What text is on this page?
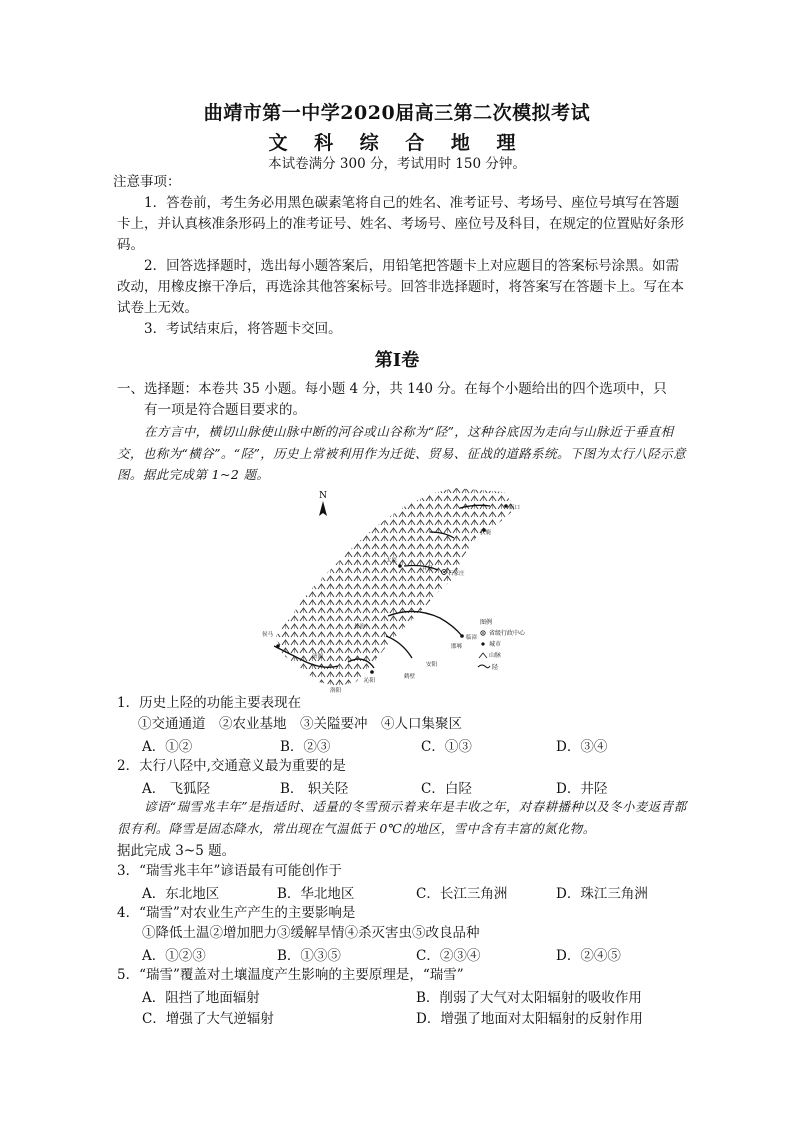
曲靖市第一中学2020届高三第二次模拟考试
文 科 综 合 地 理
本试卷满分 300 分，考试用时 150 分钟。

注意事项：

1．答卷前，考生务必用黑色碳素笔将自己的姓名、准考证号、考场号、座位号填写在答题卡上，并认真核准条形码上的准考证号、姓名、考场号、座位号及科目，在规定的位置贴好条形码。

2．回答选择题时，选出每小题答案后，用铅笔把答题卡上对应题目的答案标号涂黑。如需改动，用橡皮擦干净后，再选涂其他答案标号。回答非选择题时，将答案写在答题卡上。写在本试卷上无效。

3．考试结束后，将答题卡交回。

第Ⅰ卷
一、选择题：本卷共 35 小题。每小题 4 分，共 140 分。在每个小题给出的四个选项中，只
有一项是符合题目要求的。
在方言中，横切山脉使山脉中断的河谷或山谷称为“陉”，这种谷底因为走向与山脉近于垂直相交，也称为“横谷”。“陉”，历史上常被利用作为迁徙、贸易、征战的道路系统。下图为太行八陉示意图。据此完成第 1~2 题。
N
太原
石家庄
临漳
邯郸
安阳
鹤壁
南口
侯马
长治
沁阳
济源
洛阳
获鹿
井陉
图例
省级行政中心
城市
山脉
陉
1．历史上陉的功能主要表现在
①交通通道　②农业基地　③关隘要冲　④人口集聚区
A．①②	B．②③	C．①③	D．③④
2．太行八陉中,交通意义最为重要的是
A． 飞狐陉	B． 轵关陉	C．白陉	D．井陉
谚语“瑞雪兆丰年”是指适时、适量的冬雪预示着来年是丰收之年，对春耕播种以及冬小麦返青都很有利。降雪是固态降水，常出现在气温低于 0℃的地区，雪中含有丰富的氮化物。
据此完成 3~5 题。
3．“瑞雪兆丰年”谚语最有可能创作于
A．东北地区	B．华北地区	C．长江三角洲	D．珠江三角洲
4．“瑞雪”对农业生产产生的主要影响是
①降低土温②增加肥力③缓解旱情④杀灭害虫⑤改良品种
A．①②③	B．①③⑤	C．②③④	D．②④⑤
5．“瑞雪”覆盖对土壤温度产生影响的主要原理是，“瑞雪”
A．阻挡了地面辐射	B．削弱了大气对太阳辐射的吸收作用
C．增强了大气逆辐射	D．增强了地面对太阳辐射的反射作用
